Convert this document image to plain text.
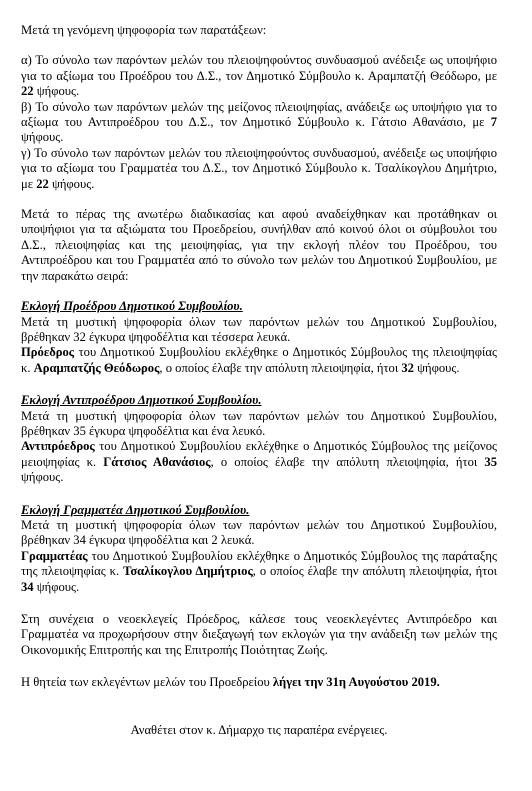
Μετά τη γενόμενη ψηφοφορία των παρατάξεων:

α) Το σύνολο των παρόντων μελών του πλειοψηφούντος συνδυασμού ανέδειξε ως υποψήφιο για το αξίωμα του Προέδρου του Δ.Σ., τον Δημοτικό Σύμβουλο κ. Αραμπατζή Θεόδωρο, με 22 ψήφους.

β) Το σύνολο των παρόντων μελών της μείζονος πλειοψηφίας, ανάδειξε ως υποψήφιο για το αξίωμα του Αντιπροέδρου του Δ.Σ., τον Δημοτικό Σύμβουλο κ. Γάτσιο Αθανάσιο, με 7 ψήφους.

γ) Το σύνολο των παρόντων μελών του πλειοψηφούντος συνδυασμού, ανέδειξε ως υποψήφιο για το αξίωμα του Γραμματέα του Δ.Σ., τον Δημοτικό Σύμβουλο κ. Τσαλίκογλου Δημήτριο, με 22 ψήφους.

Μετά το πέρας της ανωτέρω διαδικασίας και αφού αναδείχθηκαν και προτάθηκαν οι υποψήφιοι για τα αξιώματα του Προεδρείου, συνήλθαν από κοινού όλοι οι σύμβουλοι του Δ.Σ., πλειοψηφίας και της μειοψηφίας, για την εκλογή πλέον του Προέδρου, του Αντιπροέδρου και του Γραμματέα από το σύνολο των μελών του Δημοτικού Συμβουλίου, με την παρακάτω σειρά:

Εκλογή Προέδρου Δημοτικού Συμβουλίου.

Μετά τη μυστική ψηφοφορία όλων των παρόντων μελών του Δημοτικού Συμβουλίου, βρέθηκαν 32 έγκυρα ψηφοδέλτια και τέσσερα λευκά.

Πρόεδρος του Δημοτικού Συμβουλίου εκλέχθηκε ο Δημοτικός Σύμβουλος της πλειοψηφίας κ. Αραμπατζής Θεόδωρος, ο οποίος έλαβε την απόλυτη πλειοψηφία, ήτοι 32 ψήφους.

Εκλογή Αντιπροέδρου Δημοτικού Συμβουλίου.

Μετά τη μυστική ψηφοφορία όλων των παρόντων μελών του Δημοτικού Συμβουλίου, βρέθηκαν 35 έγκυρα ψηφοδέλτια και ένα λευκό.

Αντιπρόεδρος του Δημοτικού Συμβουλίου εκλέχθηκε ο Δημοτικός Σύμβουλος της μείζονος μειοψηφίας κ. Γάτσιος Αθανάσιος, ο οποίος έλαβε την απόλυτη πλειοψηφία, ήτοι 35 ψήφους.

Εκλογή Γραμματέα Δημοτικού Συμβουλίου.

Μετά τη μυστική ψηφοφορία όλων των παρόντων μελών του Δημοτικού Συμβουλίου, βρέθηκαν 34 έγκυρα ψηφοδέλτια και 2 λευκά.

Γραμματέας του Δημοτικού Συμβουλίου εκλέχθηκε ο Δημοτικός Σύμβουλος της παράταξης της πλειοψηφίας κ. Τσαλίκογλου Δημήτριος, ο οποίος έλαβε την απόλυτη πλειοψηφία, ήτοι 34 ψήφους.

Στη συνέχεια ο νεοεκλεγείς Πρόεδρος, κάλεσε τους νεοεκλεγέντες Αντιπρόεδρο και Γραμματέα να προχωρήσουν στην διεξαγωγή των εκλογών για την ανάδειξη των μελών της Οικονομικής Επιτροπής και της Επιτροπής Ποιότητας Ζωής.

Η θητεία των εκλεγέντων μελών του Προεδρείου λήγει την 31η Αυγούστου 2019.

Αναθέτει στον κ. Δήμαρχο τις παραπέρα ενέργειες.
